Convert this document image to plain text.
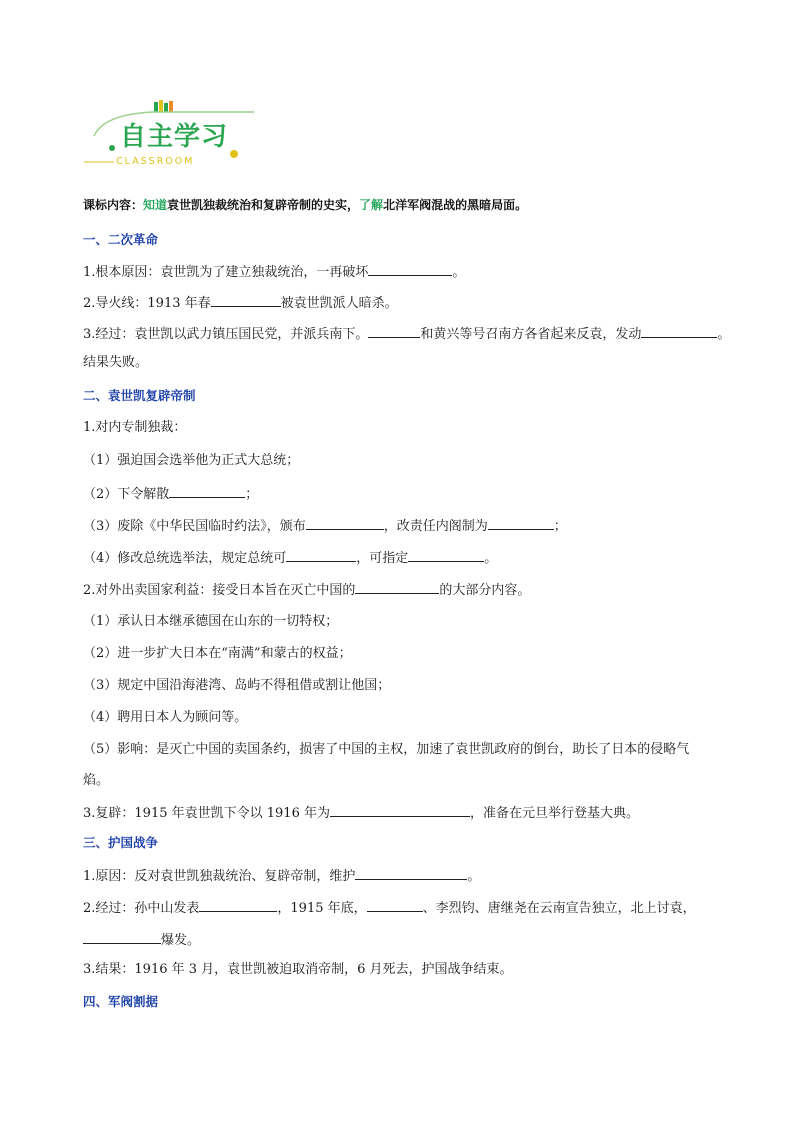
自主学习
CLASSROOM
课标内容：知道袁世凯独裁统治和复辟帝制的史实，了解北洋军阀混战的黑暗局面。
一、二次革命
1.根本原因：袁世凯为了建立独裁统治，一再破坏	。
2.导火线：1913 年春	被袁世凯派人暗杀。
3.经过：袁世凯以武力镇压国民党，并派兵南下。	和黄兴等号召南方各省起来反袁，发动	。
结果失败。
二、袁世凯复辟帝制
1.对内专制独裁：
（1）强迫国会选举他为正式大总统；
（2）下令解散	；
（3）废除《中华民国临时约法》，颁布	，改责任内阁制为	；
（4）修改总统选举法，规定总统可	，可指定	。
2.对外出卖国家利益：接受日本旨在灭亡中国的	的大部分内容。
（1）承认日本继承德国在山东的一切特权；
（2）进一步扩大日本在“南满”和蒙古的权益；
（3）规定中国沿海港湾、岛屿不得租借或割让他国；
（4）聘用日本人为顾问等。
（5）影响：是灭亡中国的卖国条约，损害了中国的主权，加速了袁世凯政府的倒台，助长了日本的侵略气
焰。
3.复辟：1915 年袁世凯下令以 1916 年为	，准备在元旦举行登基大典。
三、护国战争
1.原因：反对袁世凯独裁统治、复辟帝制，维护	。
2.经过：孙中山发表	，1915 年底，	、李烈钧、唐继尧在云南宣告独立，北上讨袁，
爆发。
3.结果：1916 年 3 月，袁世凯被迫取消帝制，6 月死去，护国战争结束。
四、军阀割据
